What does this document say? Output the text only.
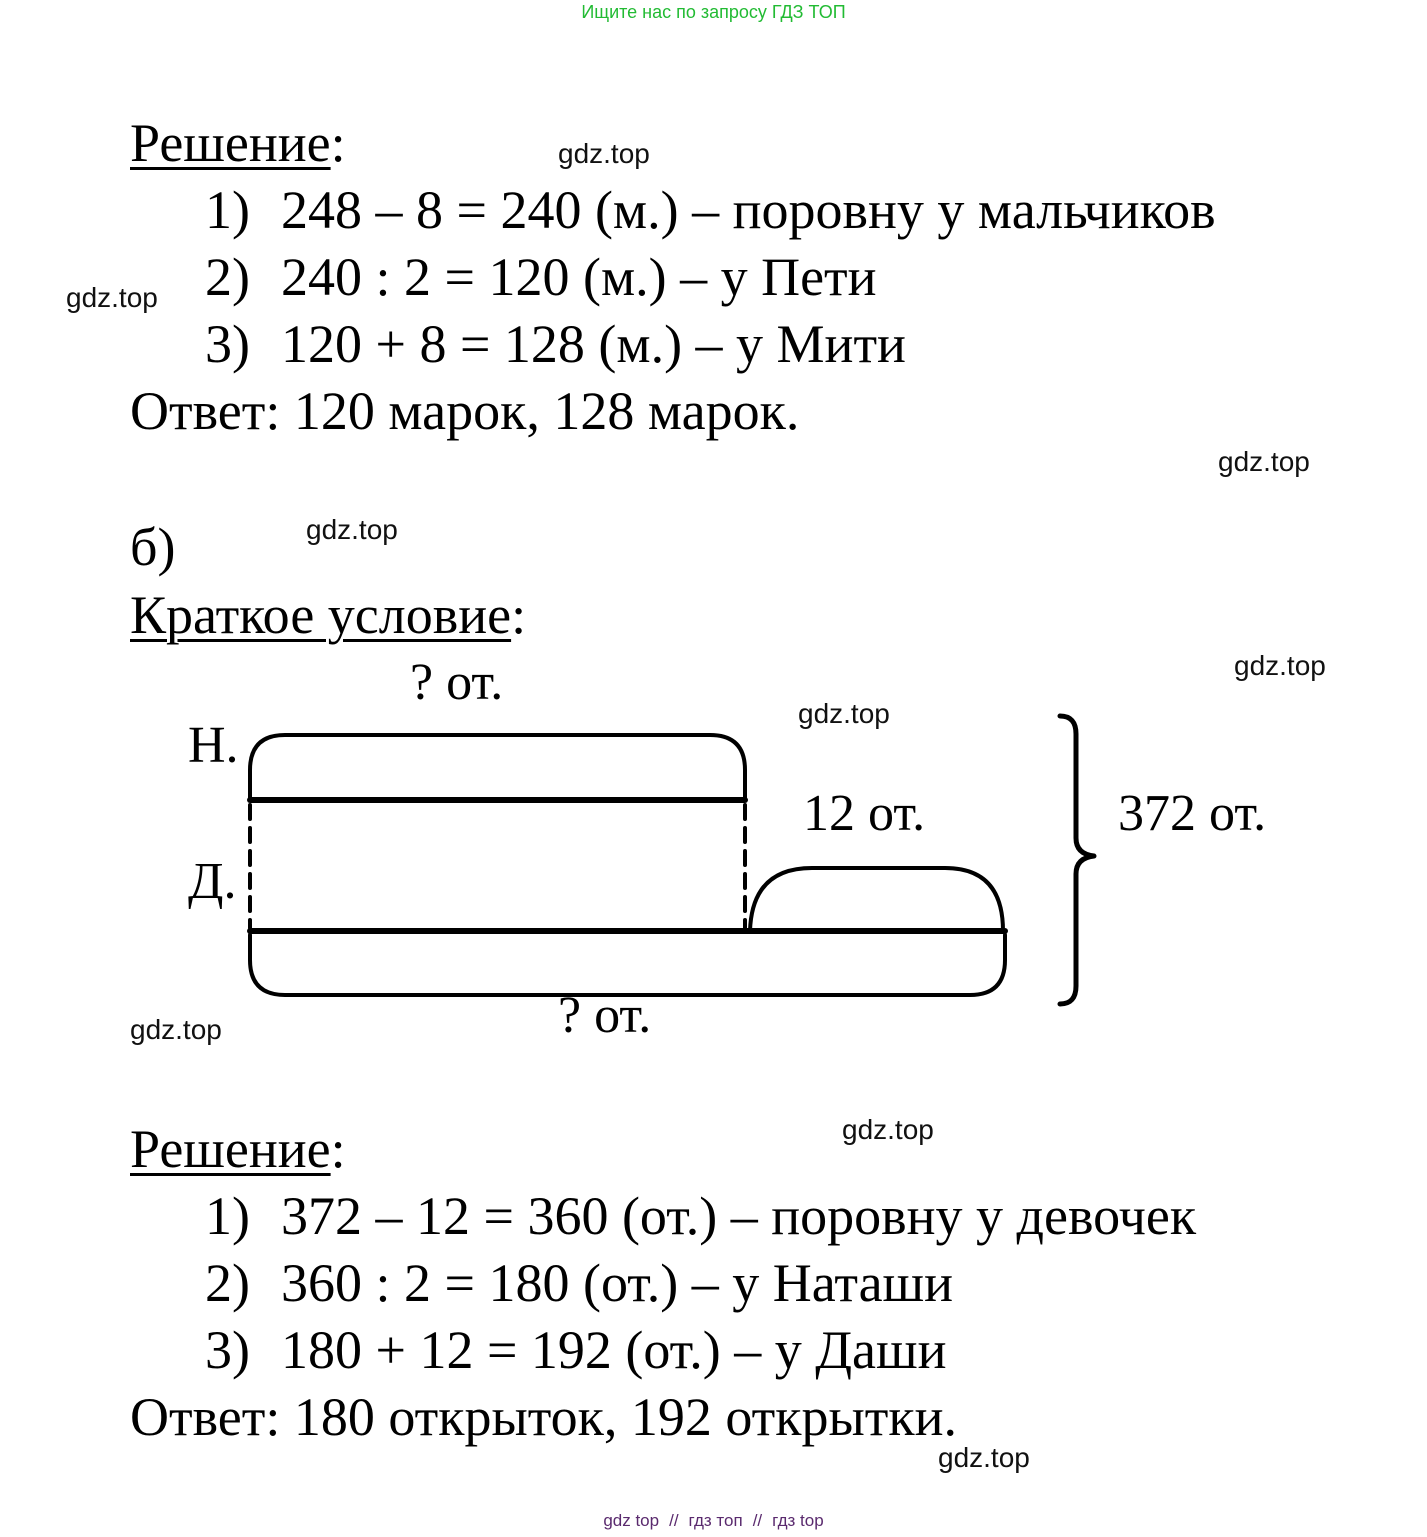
Ищите нас по запросу ГДЗ ТОП
gdz.top
gdz.top
gdz.top
gdz.top
gdz.top
gdz.top
gdz.top
gdz.top
gdz.top
Решение:
1) 248 – 8 = 240 (м.) – поровну у мальчиков
2) 240 : 2 = 120 (м.) – у Пети
3) 120 + 8 = 128 (м.) – у Мити
Ответ: 120 марок, 128 марок.
б)
Краткое условие:
? от.
Н.
Д.
12 от.	372 от.
? от.
Решение:
1) 372 – 12 = 360 (от.) – поровну у девочек
2) 360 : 2 = 180 (от.) – у Наташи
3) 180 + 12 = 192 (от.) – у Даши
Ответ: 180 открыток, 192 открытки.
gdz top // гдз топ // гдз top
